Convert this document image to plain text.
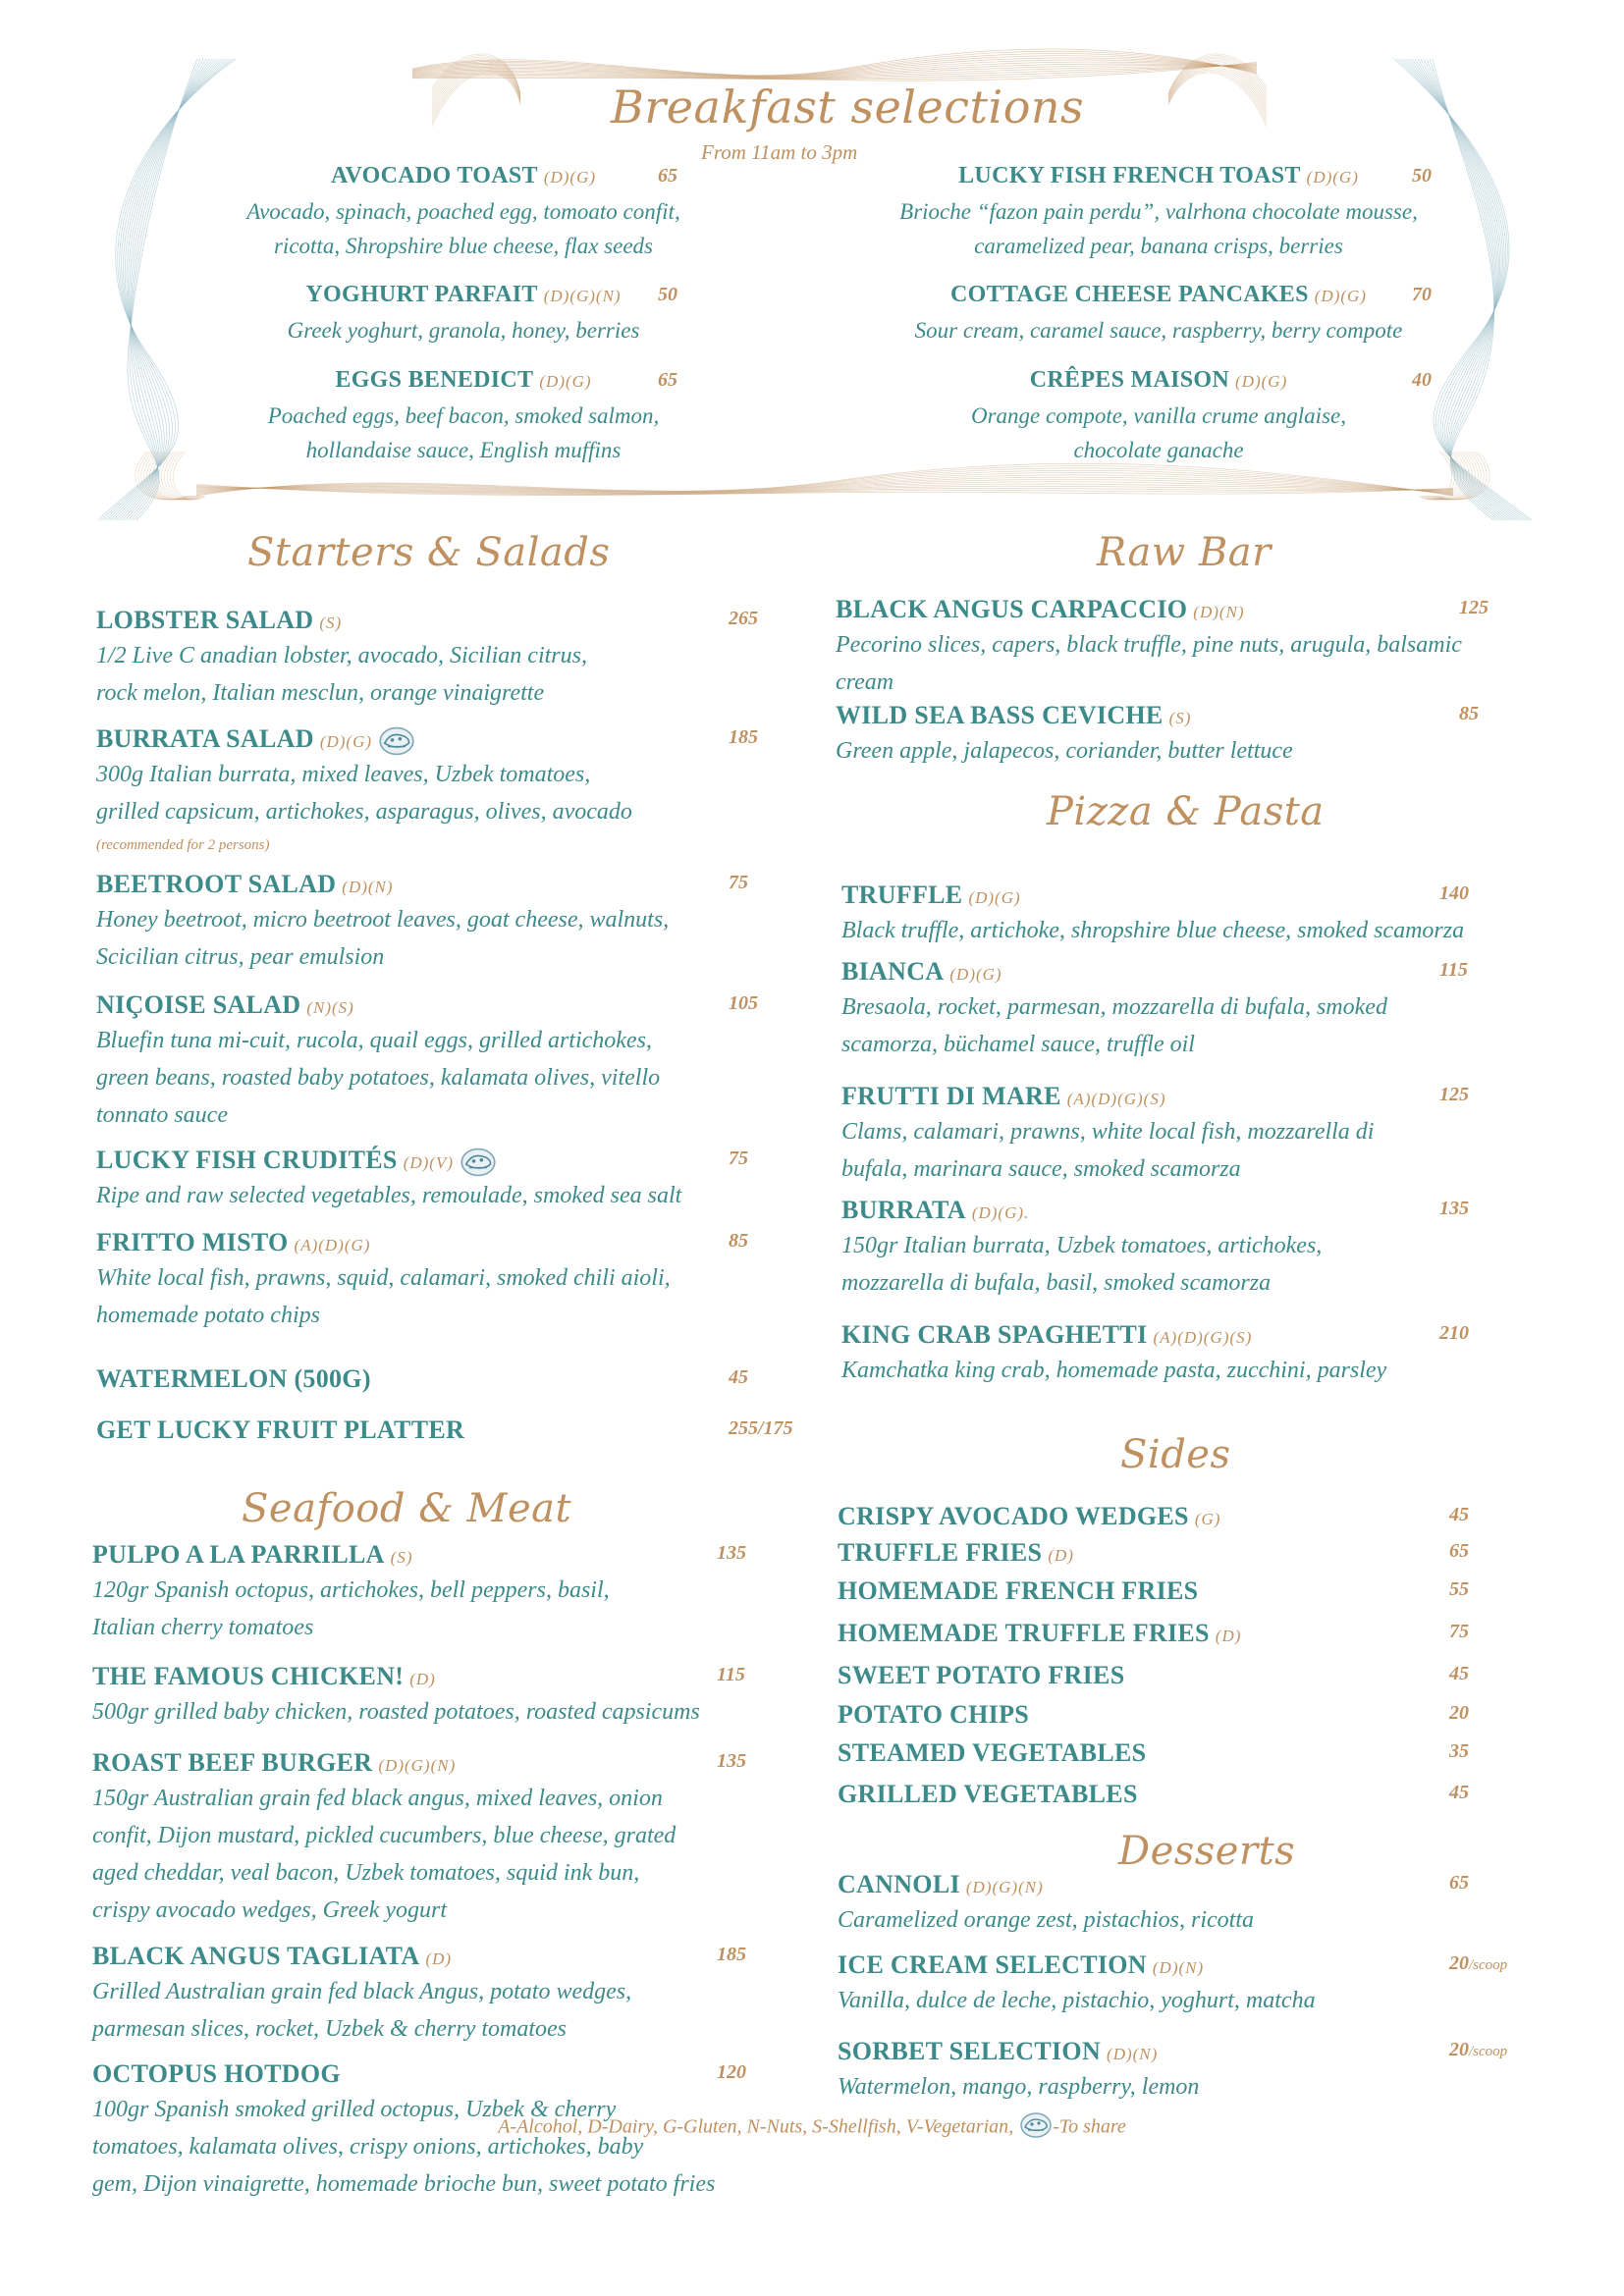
Breakfast selections
From 11am to 3pm
Starters & Salads	Raw Bar
Pizza & Pasta
Sides
Seafood & Meat
Desserts
AVOCADO TOAST (D)(G)	65
Avocado, spinach, poached egg, tomoato confit,
ricotta, Shropshire blue cheese, flax seeds
YOGHURT PARFAIT (D)(G)(N)	50
Greek yoghurt, granola, honey, berries
EGGS BENEDICT (D)(G)	65
Poached eggs, beef bacon, smoked salmon,
hollandaise sauce, English muffins
LUCKY FISH FRENCH TOAST (D)(G)	50
Brioche “fazon pain perdu”, valrhona chocolate mousse,
caramelized pear, banana crisps, berries
COTTAGE CHEESE PANCAKES (D)(G)	70
Sour cream, caramel sauce, raspberry, berry compote
CRÊPES MAISON (D)(G)	40
Orange compote, vanilla crume anglaise,
chocolate ganache
LOBSTER SALAD (S)	265
1/2 Live C anadian lobster, avocado, Sicilian citrus,
rock melon, Italian mesclun, orange vinaigrette
BURRATA SALAD (D)(G)	185
300g Italian burrata, mixed leaves, Uzbek tomatoes,
grilled capsicum, artichokes, asparagus, olives, avocado
(recommended for 2 persons)
BEETROOT SALAD (D)(N)	75
Honey beetroot, micro beetroot leaves, goat cheese, walnuts,
Scicilian citrus, pear emulsion
NIÇOISE SALAD (N)(S)	105
Bluefin tuna mi-cuit, rucola, quail eggs, grilled artichokes,
green beans, roasted baby potatoes, kalamata olives, vitello
tonnato sauce
LUCKY FISH CRUDITÉS (D)(V)	75
Ripe and raw selected vegetables, remoulade, smoked sea salt
FRITTO MISTO (A)(D)(G)	85
White local fish, prawns, squid, calamari, smoked chili aioli,
homemade potato chips
WATERMELON (500G)	45
GET LUCKY FRUIT PLATTER	255/175
PULPO A LA PARRILLA (S)	135
120gr Spanish octopus, artichokes, bell peppers, basil,
Italian cherry tomatoes
THE FAMOUS CHICKEN! (D)	115
500gr grilled baby chicken, roasted potatoes, roasted capsicums
ROAST BEEF BURGER (D)(G)(N)	135
150gr Australian grain fed black angus, mixed leaves, onion
confit, Dijon mustard, pickled cucumbers, blue cheese, grated
aged cheddar, veal bacon, Uzbek tomatoes, squid ink bun,
crispy avocado wedges, Greek yogurt
BLACK ANGUS TAGLIATA (D)	185
Grilled Australian grain fed black Angus, potato wedges,
parmesan slices, rocket, Uzbek & cherry tomatoes
OCTOPUS HOTDOG	120
100gr Spanish smoked grilled octopus, Uzbek & cherry
tomatoes, kalamata olives, crispy onions, artichokes, baby
gem, Dijon vinaigrette, homemade brioche bun, sweet potato fries
BLACK ANGUS CARPACCIO (D)(N)	125
Pecorino slices, capers, black truffle, pine nuts, arugula, balsamic
cream
WILD SEA BASS CEVICHE (S)	85
Green apple, jalapecos, coriander, butter lettuce
TRUFFLE (D)(G)	140
Black truffle, artichoke, shropshire blue cheese, smoked scamorza
BIANCA (D)(G)	115
Bresaola, rocket, parmesan, mozzarella di bufala, smoked
scamorza, büchamel sauce, truffle oil
FRUTTI DI MARE (A)(D)(G)(S)	125
Clams, calamari, prawns, white local fish, mozzarella di
bufala, marinara sauce, smoked scamorza
BURRATA (D)(G).	135
150gr Italian burrata, Uzbek tomatoes, artichokes,
mozzarella di bufala, basil, smoked scamorza
KING CRAB SPAGHETTI (A)(D)(G)(S)	210
Kamchatka king crab, homemade pasta, zucchini, parsley
CRISPY AVOCADO WEDGES (G)	45
TRUFFLE FRIES (D)	65
HOMEMADE FRENCH FRIES	55
HOMEMADE TRUFFLE FRIES (D)	75
SWEET POTATO FRIES	45
POTATO CHIPS	20
STEAMED VEGETABLES	35
GRILLED VEGETABLES	45
CANNOLI (D)(G)(N)	65
Caramelized orange zest, pistachios, ricotta
ICE CREAM SELECTION (D)(N)	20/scoop
Vanilla, dulce de leche, pistachio, yoghurt, matcha
SORBET SELECTION (D)(N)	20/scoop
Watermelon, mango, raspberry, lemon
A-Alcohol, D-Dairy, G-Gluten, N-Nuts, S-Shellfish, V-Vegetarian, -To share
